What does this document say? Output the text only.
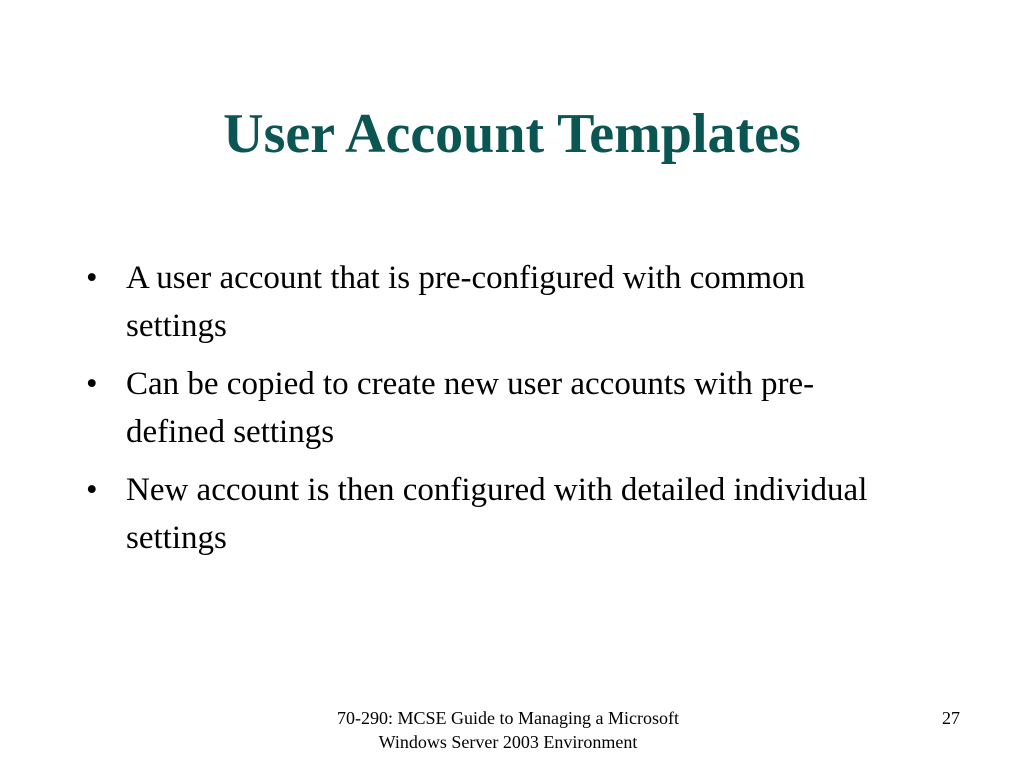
User Account Templates
• A user account that is pre-configured with common settings
• Can be copied to create new user accounts with pre-defined settings
• New account is then configured with detailed individual settings
70-290: MCSE Guide to Managing a Microsoft
Windows Server 2003 Environment
27
